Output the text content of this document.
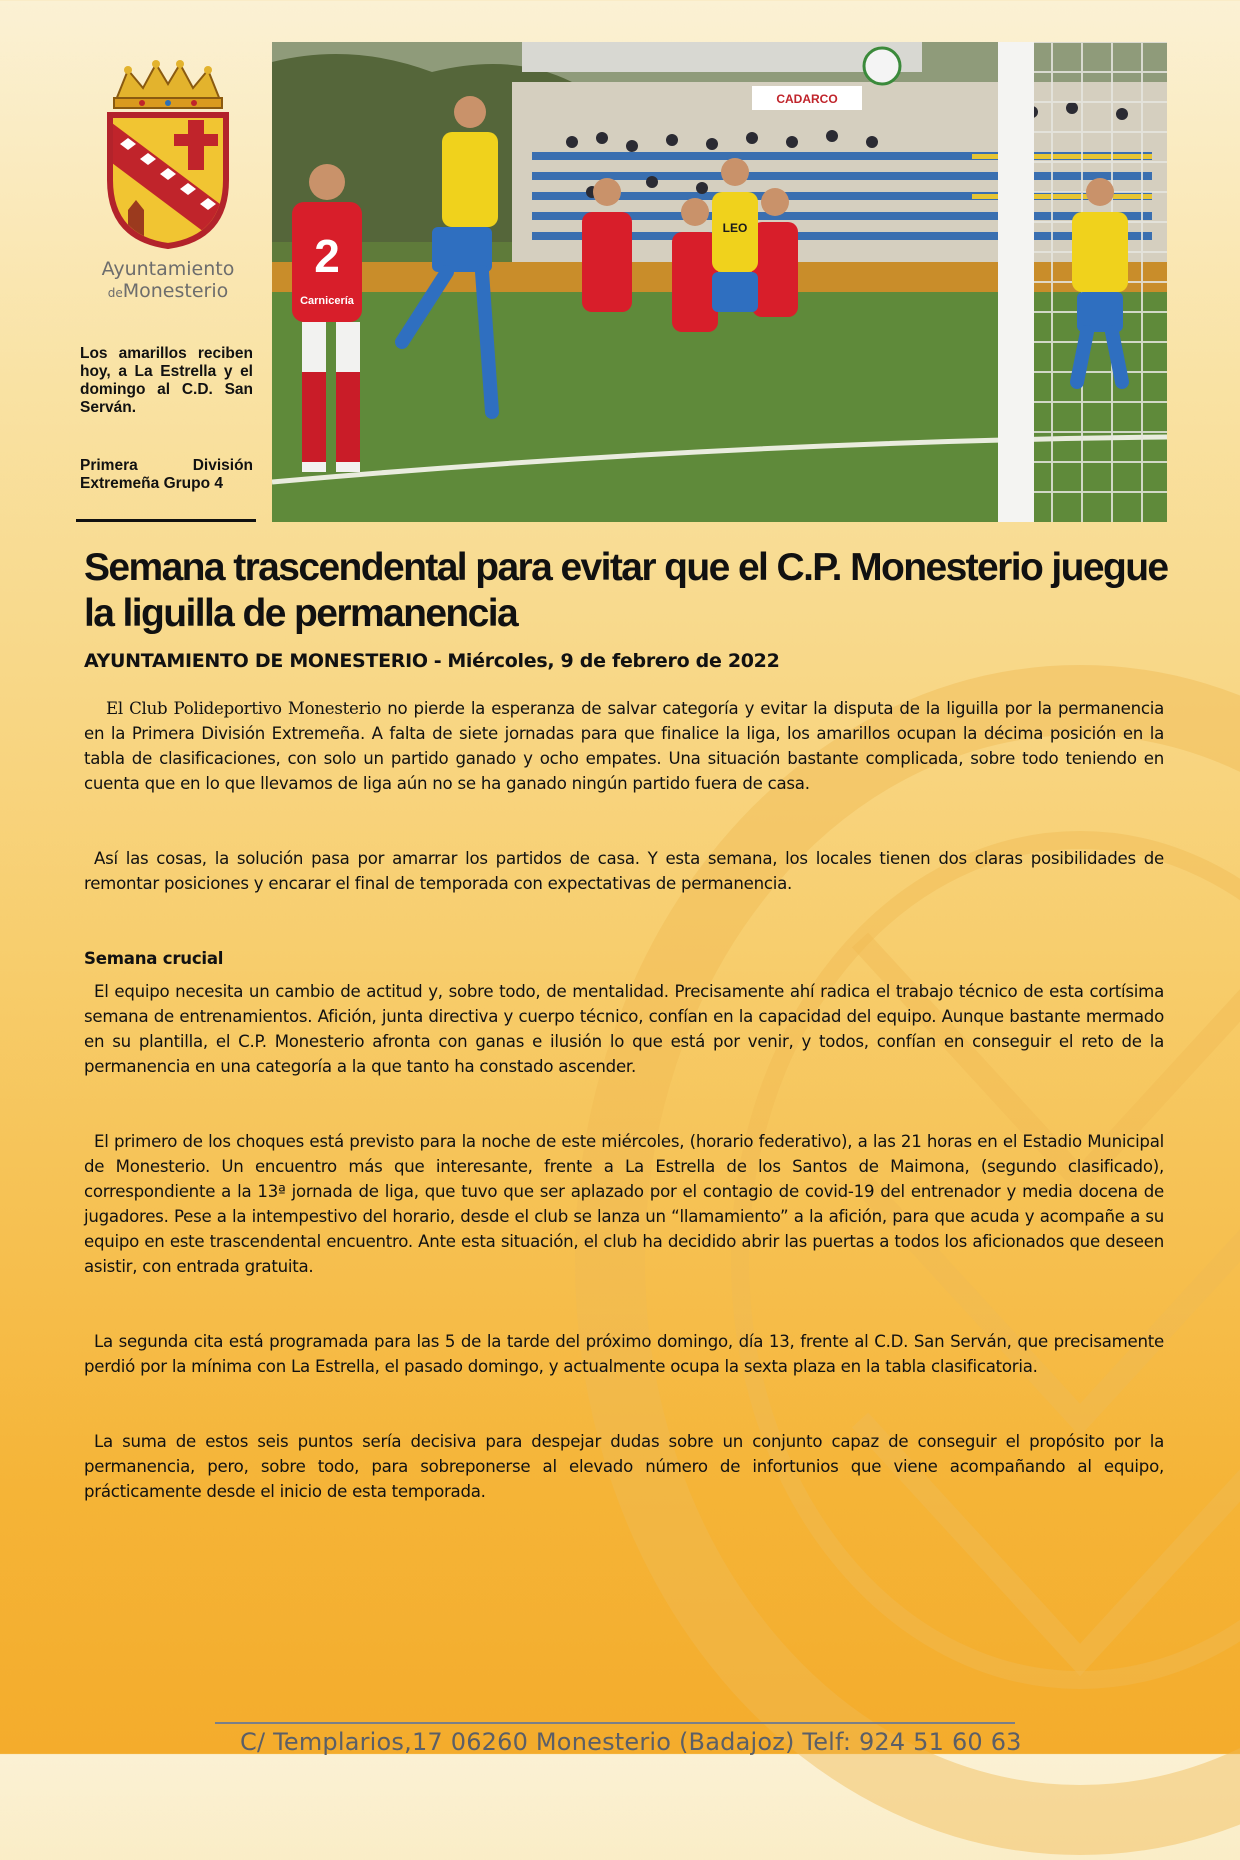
Ayuntamiento
deMonesterio

Los amarillos reciben hoy, a La Estrella y el domingo al C.D. San Serván.

Primera División Extremeña Grupo 4

CADARCO
2
Carnicería
LEO
Semana trascendental para evitar que el C.P. Monesterio juegue la liguilla de permanencia
AYUNTAMIENTO DE MONESTERIO - Miércoles, 9 de febrero de 2022

El Club Polideportivo Monesterio no pierde la esperanza de salvar categoría y evitar la disputa de la liguilla por la permanencia en la Primera División Extremeña. A falta de siete jornadas para que finalice la liga, los amarillos ocupan la décima posición en la tabla de clasificaciones, con solo un partido ganado y ocho empates. Una situación bastante complicada, sobre todo teniendo en cuenta que en lo que llevamos de liga aún no se ha ganado ningún partido fuera de casa.

Así las cosas, la solución pasa por amarrar los partidos de casa. Y esta semana, los locales tienen dos claras posibilidades de remontar posiciones y encarar el final de temporada con expectativas de permanencia.

Semana crucial

El equipo necesita un cambio de actitud y, sobre todo, de mentalidad. Precisamente ahí radica el trabajo técnico de esta cortísima semana de entrenamientos. Afición, junta directiva y cuerpo técnico, confían en la capacidad del equipo. Aunque bastante mermado en su plantilla, el C.P. Monesterio afronta con ganas e ilusión lo que está por venir, y todos, confían en conseguir el reto de la permanencia en una categoría a la que tanto ha constado ascender.

El primero de los choques está previsto para la noche de este miércoles, (horario federativo), a las 21 horas en el Estadio Municipal de Monesterio. Un encuentro más que interesante, frente a La Estrella de los Santos de Maimona, (segundo clasificado), correspondiente a la 13ª jornada de liga, que tuvo que ser aplazado por el contagio de covid-19 del entrenador y media docena de jugadores. Pese a la intempestivo del horario, desde el club se lanza un “llamamiento” a la afición, para que acuda y acompañe a su equipo en este trascendental encuentro. Ante esta situación, el club ha decidido abrir las puertas a todos los aficionados que deseen asistir, con entrada gratuita.

La segunda cita está programada para las 5 de la tarde del próximo domingo, día 13, frente al C.D. San Serván, que precisamente perdió por la mínima con La Estrella, el pasado domingo, y actualmente ocupa la sexta plaza en la tabla clasificatoria.

La suma de estos seis puntos sería decisiva para despejar dudas sobre un conjunto capaz de conseguir el propósito por la permanencia, pero, sobre todo, para sobreponerse al elevado número de infortunios que viene acompañando al equipo, prácticamente desde el inicio de esta temporada.

C/ Templarios,17 06260 Monesterio (Badajoz) Telf: 924 51 60 63
